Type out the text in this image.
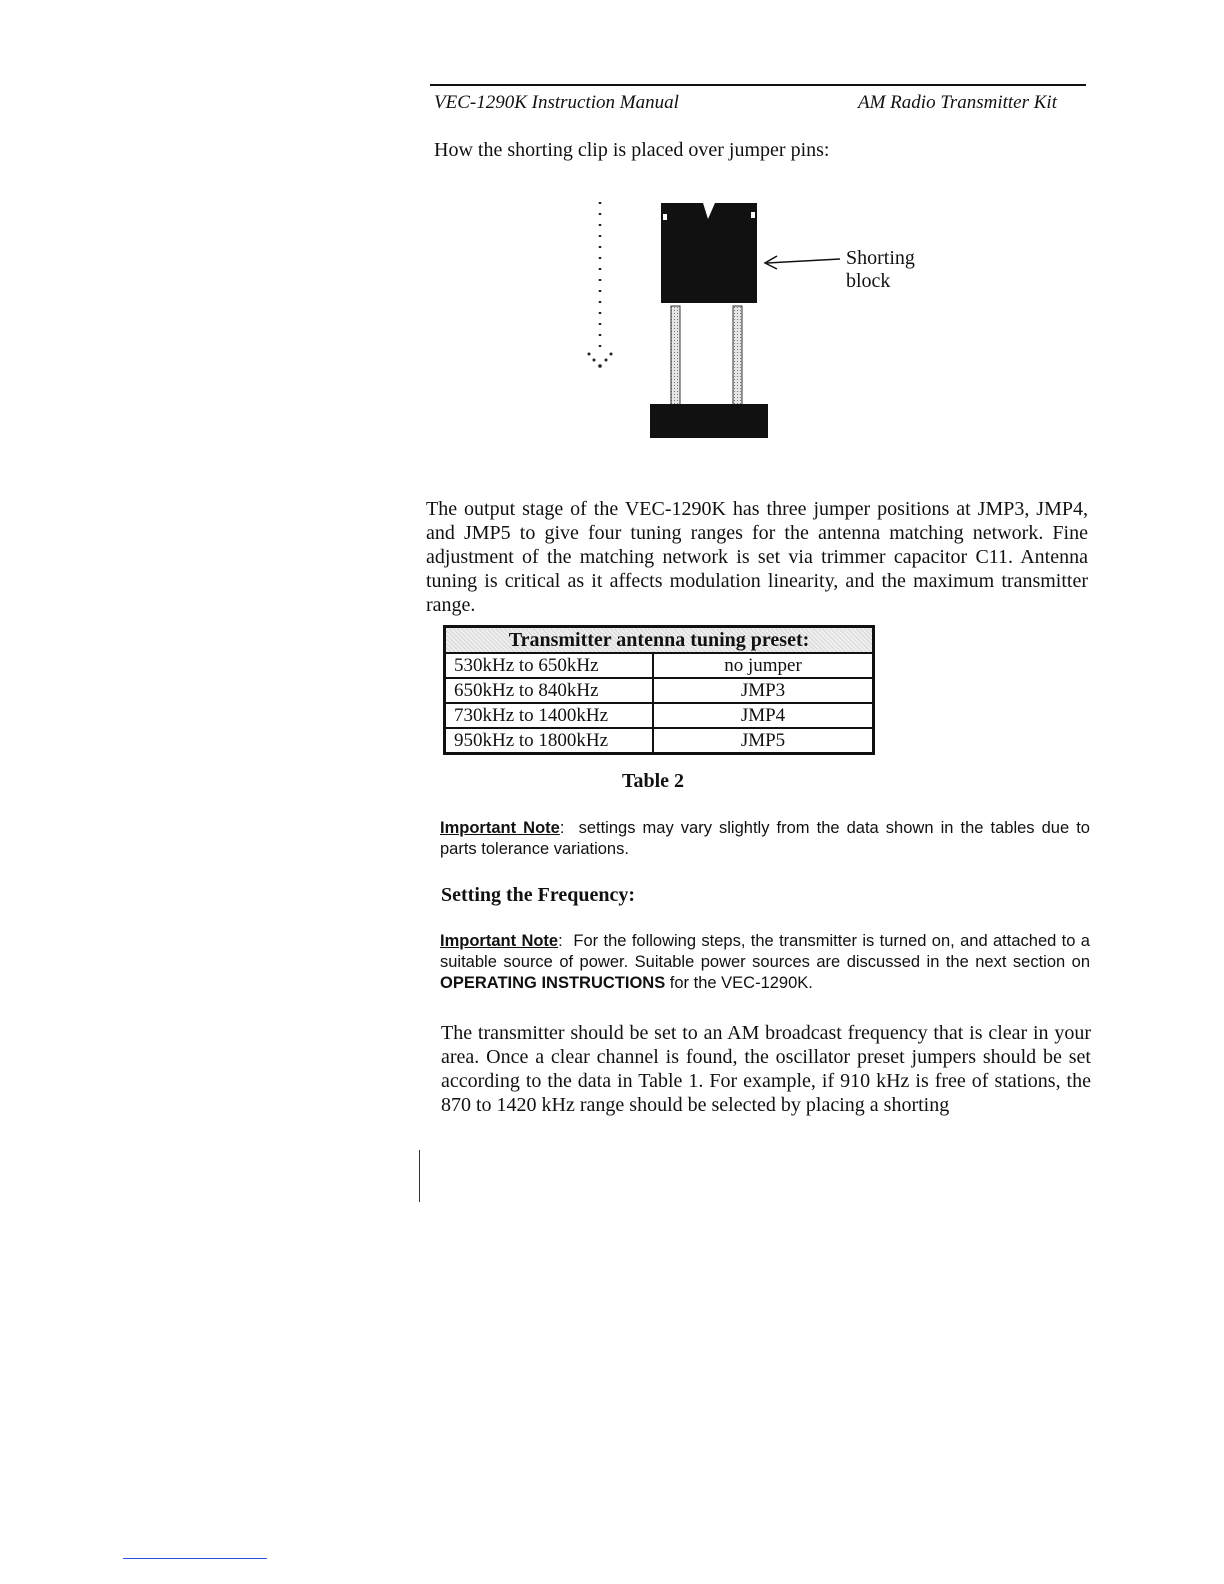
VEC-1290K Instruction Manual	AM Radio Transmitter Kit
How the shorting clip is placed over jumper pins:
Shorting
block

The output stage of the VEC-1290K has three jumper positions at JMP3, JMP4, and JMP5 to give four tuning ranges for the antenna matching network. Fine adjustment of the matching network is set via trimmer capacitor C11. Antenna tuning is critical as it affects modulation linearity, and the maximum transmitter range.

Transmitter antenna tuning preset:	
530kHz to 650kHz	no jumper
650kHz to 840kHz	JMP3
730kHz to 1400kHz	JMP4
950kHz to 1800kHz	JMP5
Table 2

Important Note:  settings may vary slightly from the data shown in the tables due to parts tolerance variations.

Setting the Frequency:

Important Note:  For the following steps, the transmitter is turned on, and attached to a suitable source of power. Suitable power sources are discussed in the next section on OPERATING INSTRUCTIONS for the VEC-1290K.

The transmitter should be set to an AM broadcast frequency that is clear in your area. Once a clear channel is found, the oscillator preset jumpers should be set according to the data in Table 1. For example, if 910 kHz is free of stations, the 870 to 1420 kHz range should be selected by placing a shorting
